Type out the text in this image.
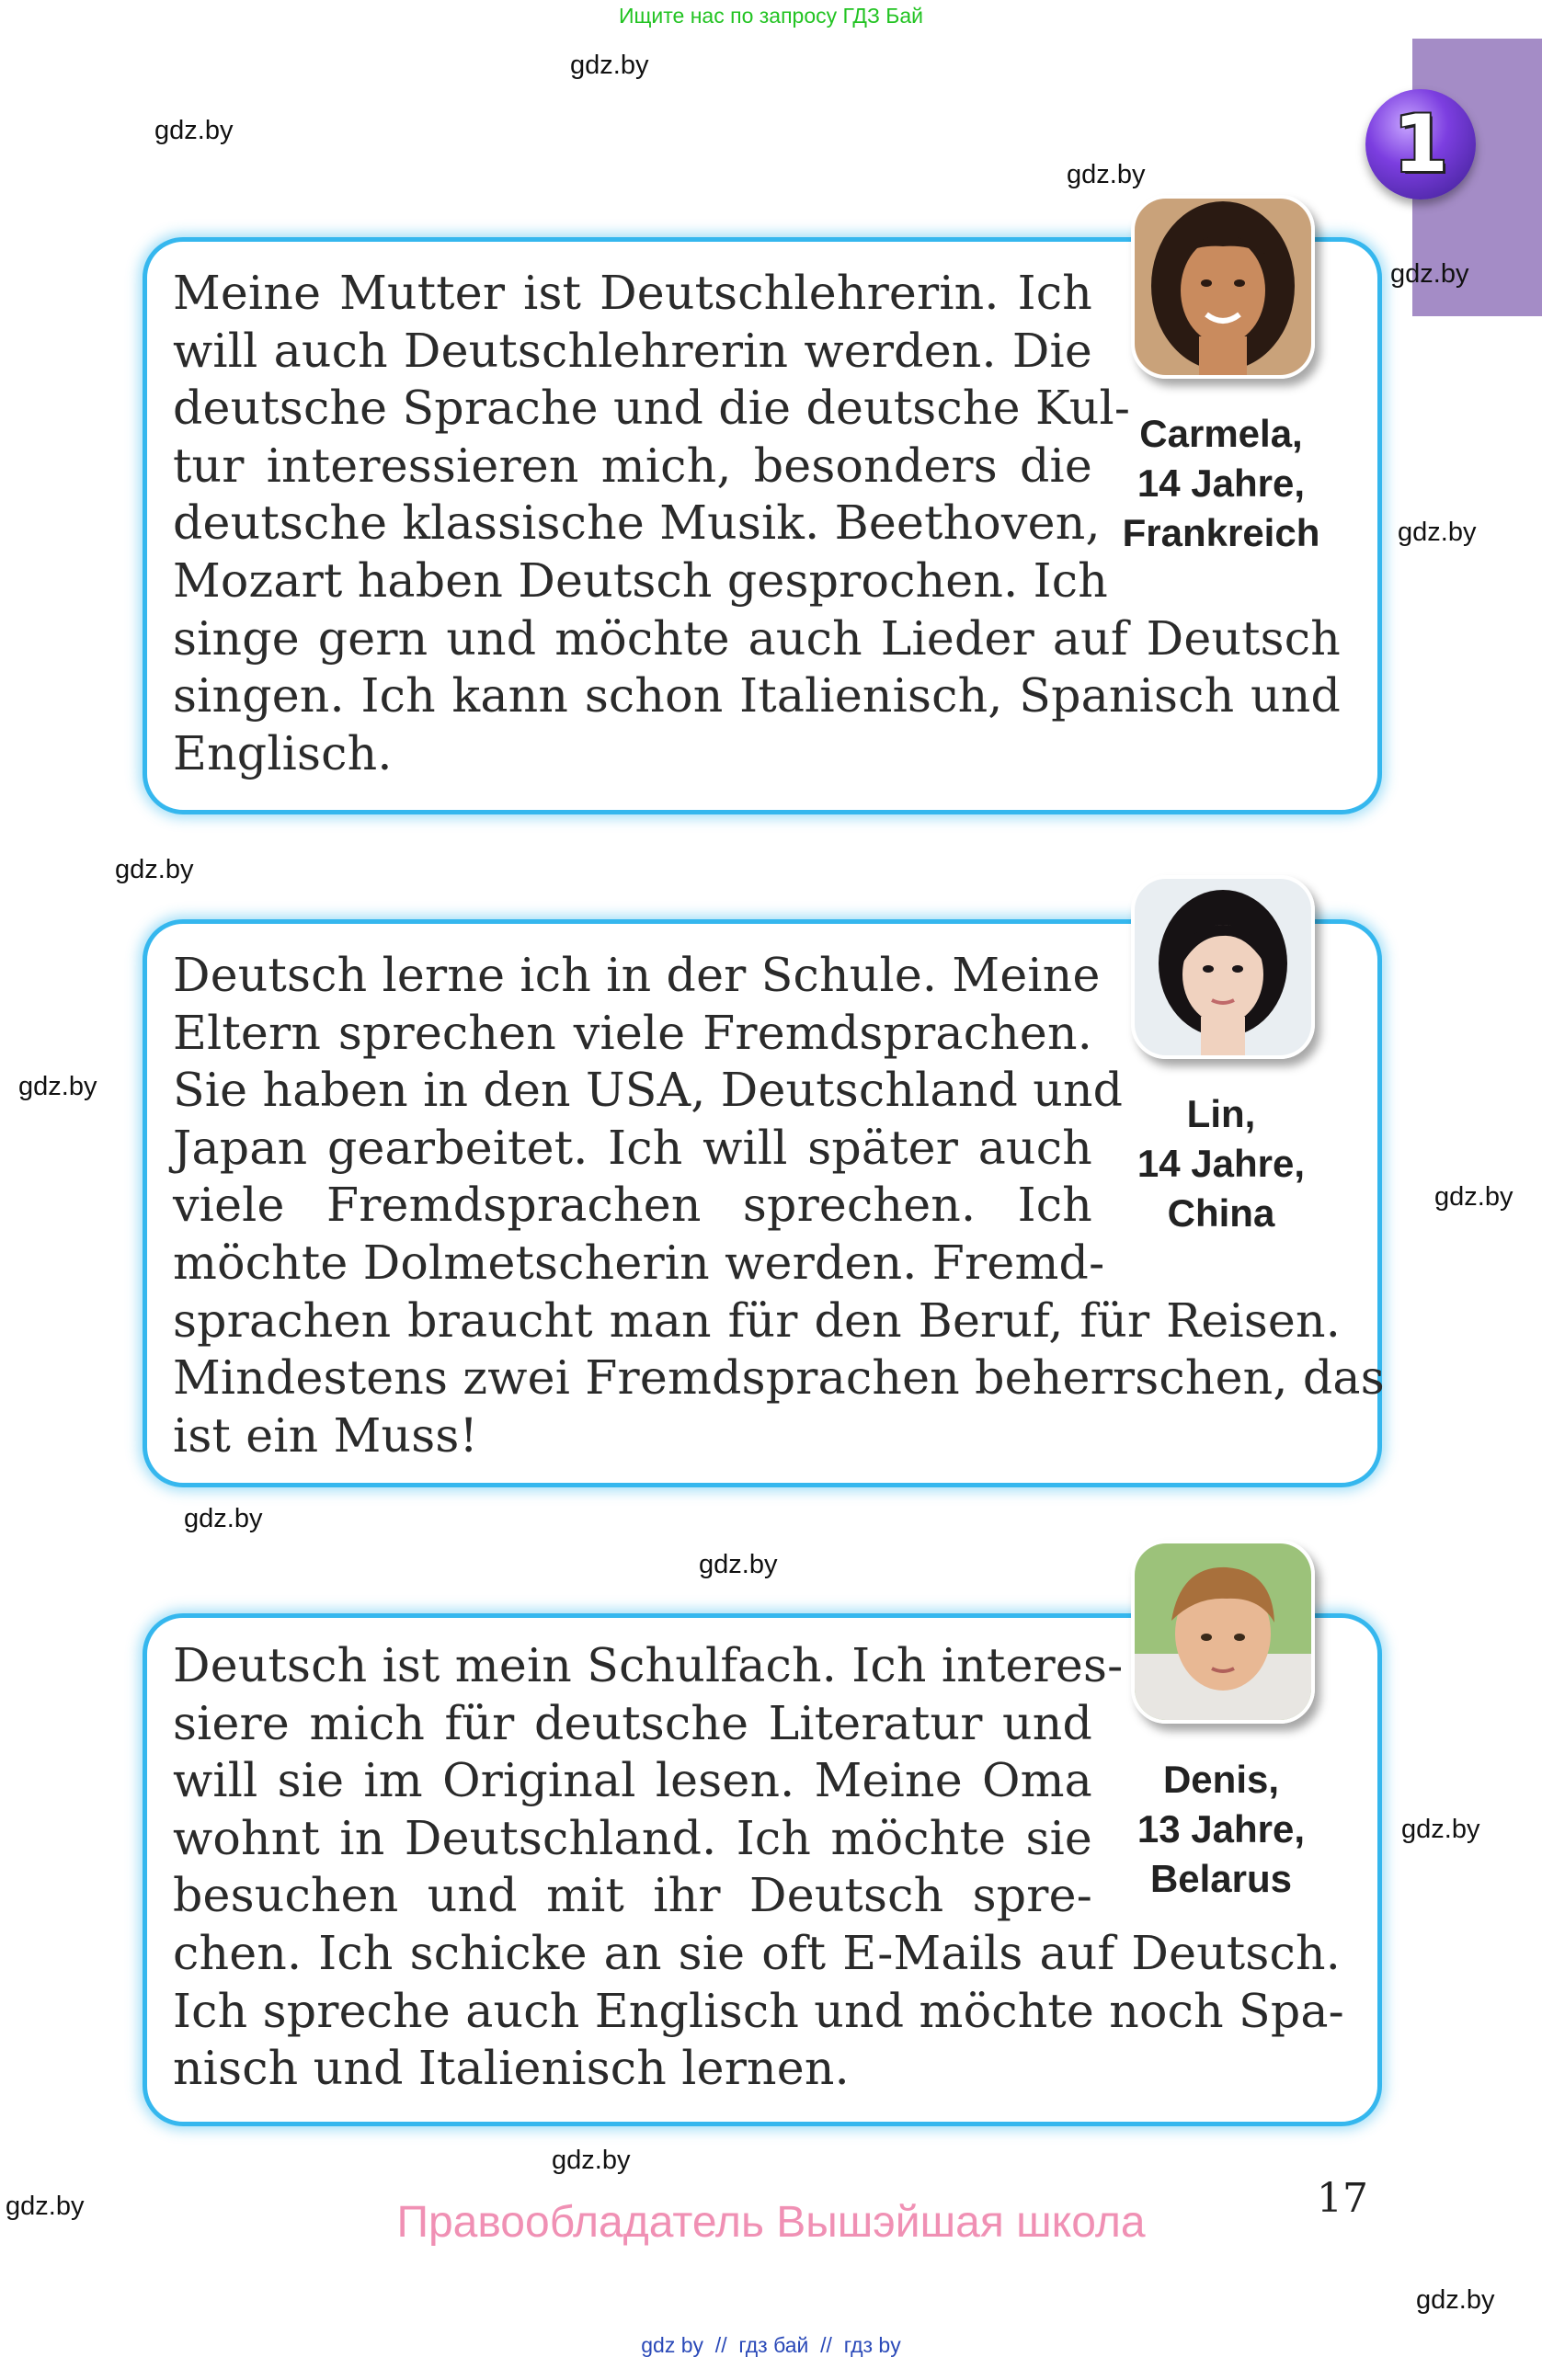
Ищите нас по запросу ГДЗ Бай
1
gdz.by
gdz.by
gdz.by
gdz.by
gdz.by
gdz.by
gdz.by
gdz.by
gdz.by
gdz.by
gdz.by
gdz.by
gdz.by
gdz.by
Carmela,
14 Jahre,
Frankreich
Meine Mutter ist Deutschlehrerin. Ich
will auch Deutschlehrerin werden. Die
deutsche Sprache und die deutsche Kul-
tur interessieren mich, besonders die
deutsche klassische Musik. Beethoven,
Mozart haben Deutsch gesprochen. Ich
singe gern und möchte auch Lieder auf Deutsch
singen. Ich kann schon Italienisch, Spanisch und
Englisch.
Lin,
14 Jahre,
China
Deutsch lerne ich in der Schule. Meine
Eltern sprechen viele Fremdsprachen.
Sie haben in den USA, Deutschland und
Japan gearbeitet. Ich will später auch
viele Fremdsprachen sprechen. Ich
möchte Dolmetscherin werden. Fremd-
sprachen braucht man für den Beruf, für Reisen.
Mindestens zwei Fremdsprachen beherrschen, das
ist ein Muss!
Denis,
13 Jahre,
Belarus
Deutsch ist mein Schulfach. Ich interes-
siere mich für deutsche Literatur und
will sie im Original lesen. Meine Oma
wohnt in Deutschland. Ich möchte sie
besuchen und mit ihr Deutsch spre-
chen. Ich schicke an sie oft E-Mails auf Deutsch.
Ich spreche auch Englisch und möchte noch Spa-
nisch und Italienisch lernen.
17
Правообладатель Вышэйшая школа
gdz by  //  гдз бай  //  гдз by
